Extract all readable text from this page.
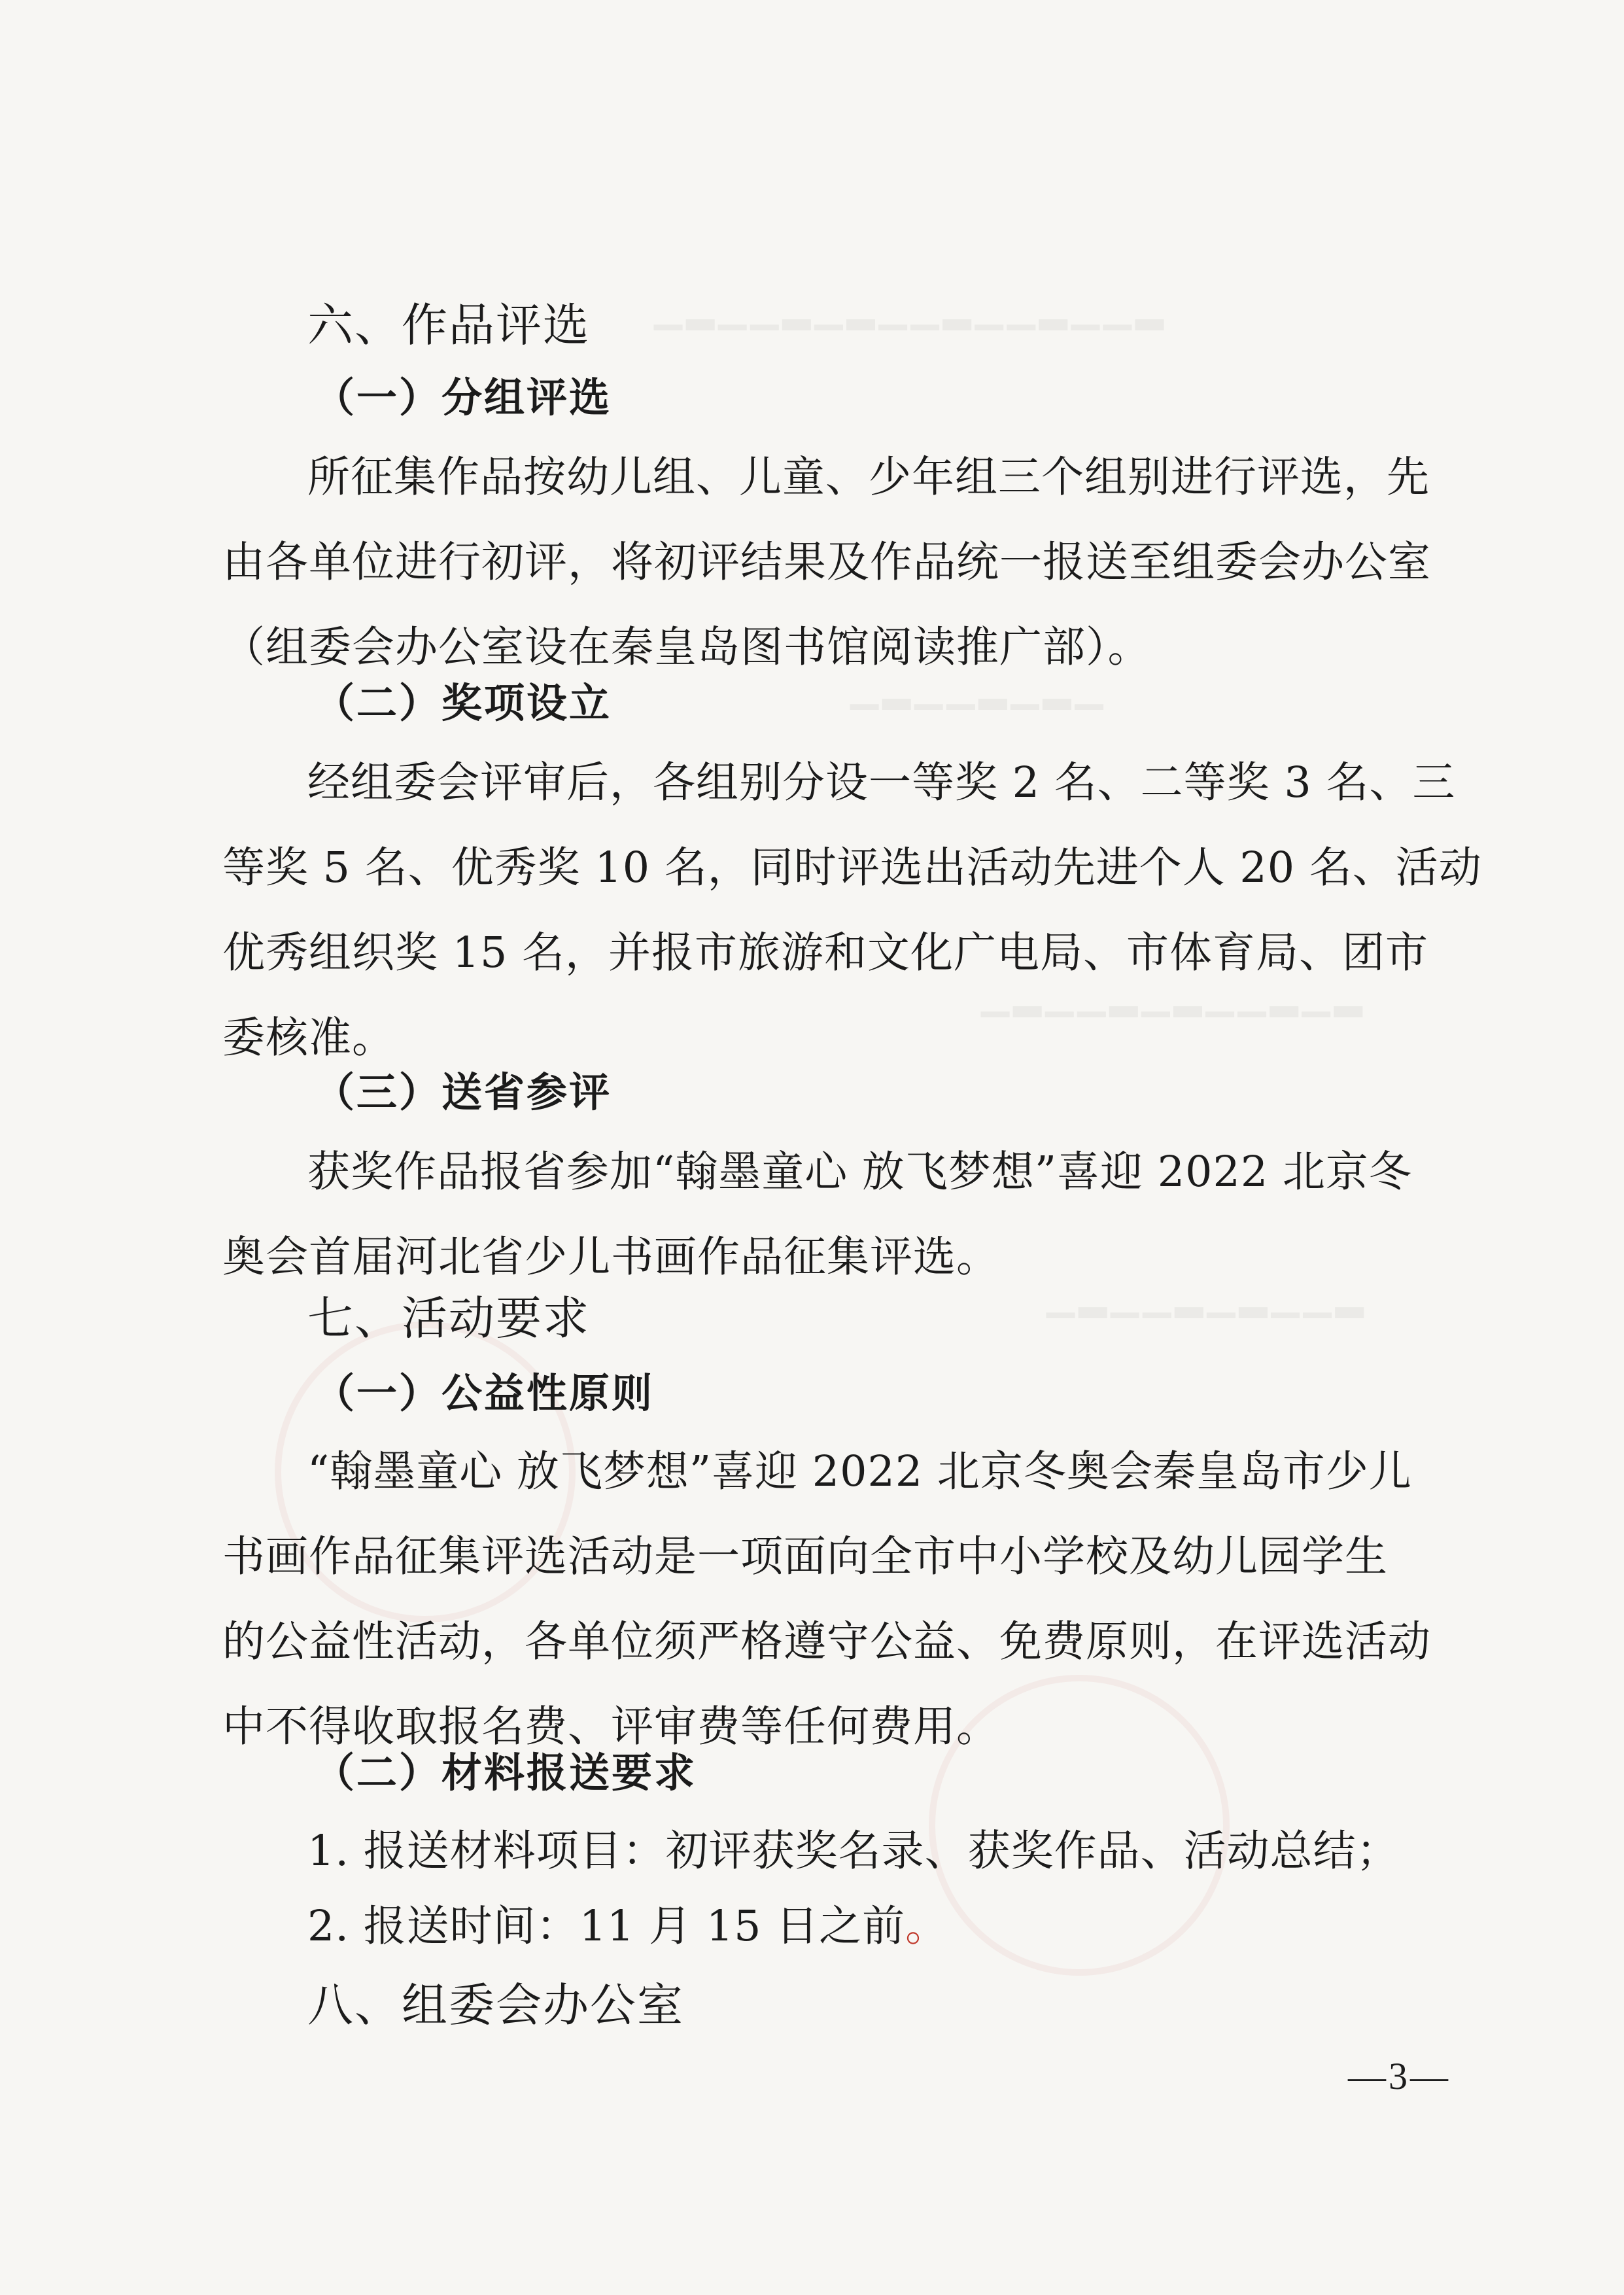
▁▂▁▁▂▁▂▁▁▂▁▁▂▁▁▂
▁▂▁▁▂▁▂▁
▁▂▁▁▂▁▂▁▁▂▁▂
▁▂▁▁▂▁▂▁▁▂
六、作品评选
（一）分组评选
所征集作品按幼儿组、儿童、少年组三个组别进行评选，先
由各单位进行初评，将初评结果及作品统一报送至组委会办公室
（组委会办公室设在秦皇岛图书馆阅读推广部）。
（二）奖项设立
经组委会评审后，各组别分设一等奖 2 名、二等奖 3 名、三
等奖 5 名、优秀奖 10 名，同时评选出活动先进个人 20 名、活动
优秀组织奖 15 名，并报市旅游和文化广电局、市体育局、团市
委核准。
（三）送省参评
获奖作品报省参加“翰墨童心 放飞梦想”喜迎 2022 北京冬
奥会首届河北省少儿书画作品征集评选。
七、活动要求
（一）公益性原则
“翰墨童心 放飞梦想”喜迎 2022 北京冬奥会秦皇岛市少儿
书画作品征集评选活动是一项面向全市中小学校及幼儿园学生
的公益性活动，各单位须严格遵守公益、免费原则，在评选活动
中不得收取报名费、评审费等任何费用。
（二）材料报送要求
1. 报送材料项目：初评获奖名录、获奖作品、活动总结；
2. 报送时间：11 月 15 日之前。
八、组委会办公室
—3—
